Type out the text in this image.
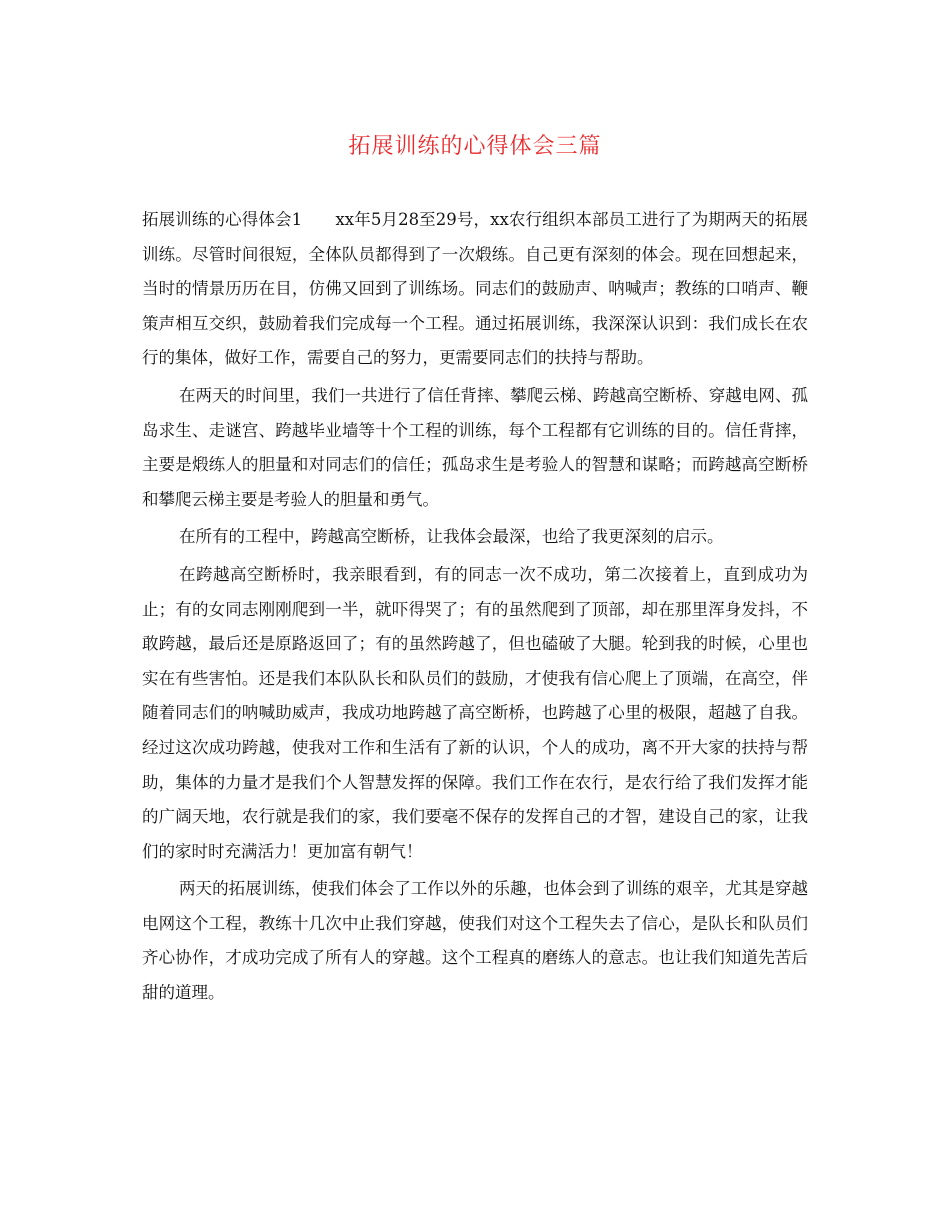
拓展训练的心得体会三篇

拓展训练的心得体会1　　xx年5月28至29号，xx农行组织本部员工进行了为期两天的拓展训练。尽管时间很短，全体队员都得到了一次煅练。自己更有深刻的体会。现在回想起来，当时的情景历历在目，仿佛又回到了训练场。同志们的鼓励声、呐喊声；教练的口哨声、鞭策声相互交织，鼓励着我们完成每一个工程。通过拓展训练，我深深认识到：我们成长在农行的集体，做好工作，需要自己的努力，更需要同志们的扶持与帮助。

在两天的时间里，我们一共进行了信任背摔、攀爬云梯、跨越高空断桥、穿越电网、孤岛求生、走谜宫、跨越毕业墙等十个工程的训练，每个工程都有它训练的目的。信任背摔，主要是煅练人的胆量和对同志们的信任；孤岛求生是考验人的智慧和谋略；而跨越高空断桥和攀爬云梯主要是考验人的胆量和勇气。

在所有的工程中，跨越高空断桥，让我体会最深，也给了我更深刻的启示。

在跨越高空断桥时，我亲眼看到，有的同志一次不成功，第二次接着上，直到成功为止；有的女同志刚刚爬到一半，就吓得哭了；有的虽然爬到了顶部，却在那里浑身发抖，不敢跨越，最后还是原路返回了；有的虽然跨越了，但也磕破了大腿。轮到我的时候，心里也实在有些害怕。还是我们本队队长和队员们的鼓励，才使我有信心爬上了顶端，在高空，伴随着同志们的呐喊助威声，我成功地跨越了高空断桥，也跨越了心里的极限，超越了自我。经过这次成功跨越，使我对工作和生活有了新的认识，个人的成功，离不开大家的扶持与帮助，集体的力量才是我们个人智慧发挥的保障。我们工作在农行，是农行给了我们发挥才能的广阔天地，农行就是我们的家，我们要毫不保存的发挥自己的才智，建设自己的家，让我们的家时时充满活力！更加富有朝气！

两天的拓展训练，使我们体会了工作以外的乐趣，也体会到了训练的艰辛，尤其是穿越电网这个工程，教练十几次中止我们穿越，使我们对这个工程失去了信心，是队长和队员们齐心协作，才成功完成了所有人的穿越。这个工程真的磨练人的意志。也让我们知道先苦后甜的道理。
